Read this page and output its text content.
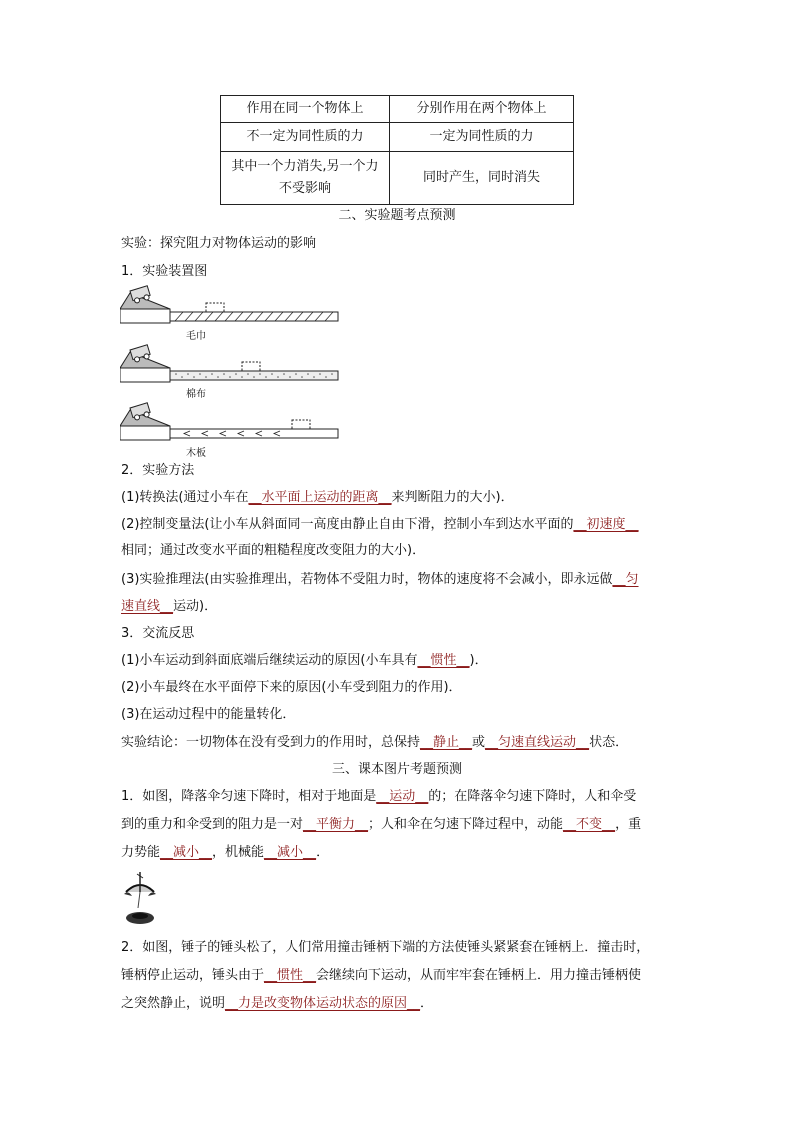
作用在同一个物体上	分别作用在两个物体上
不一定为同性质的力	一定为同性质的力
其中一个力消失,另一个力不受影响	同时产生，同时消失
二、实验题考点预测
实验：探究阻力对物体运动的影响
1．实验装置图
毛巾
棉布
木板
2．实验方法
(1)转换法(通过小车在__水平面上运动的距离__来判断阻力的大小)．
(2)控制变量法(让小车从斜面同一高度由静止自由下滑，控制小车到达水平面的__初速度__
相同；通过改变水平面的粗糙程度改变阻力的大小)．
(3)实验推理法(由实验推理出，若物体不受阻力时，物体的速度将不会减小，即永远做__匀
速直线__运动)．
3．交流反思
(1)小车运动到斜面底端后继续运动的原因(小车具有__惯性__)．
(2)小车最终在水平面停下来的原因(小车受到阻力的作用)．
(3)在运动过程中的能量转化．
实验结论：一切物体在没有受到力的作用时，总保持__静止__或__匀速直线运动__状态．
三、课本图片考题预测
1．如图，降落伞匀速下降时，相对于地面是__运动__的；在降落伞匀速下降时，人和伞受
到的重力和伞受到的阻力是一对__平衡力__；人和伞在匀速下降过程中，动能__不变__，重
力势能__减小__，机械能__减小__．
2．如图，锤子的锤头松了，人们常用撞击锤柄下端的方法使锤头紧紧套在锤柄上．撞击时，
锤柄停止运动，锤头由于__惯性__会继续向下运动，从而牢牢套在锤柄上．用力撞击锤柄使
之突然静止，说明__力是改变物体运动状态的原因__．
